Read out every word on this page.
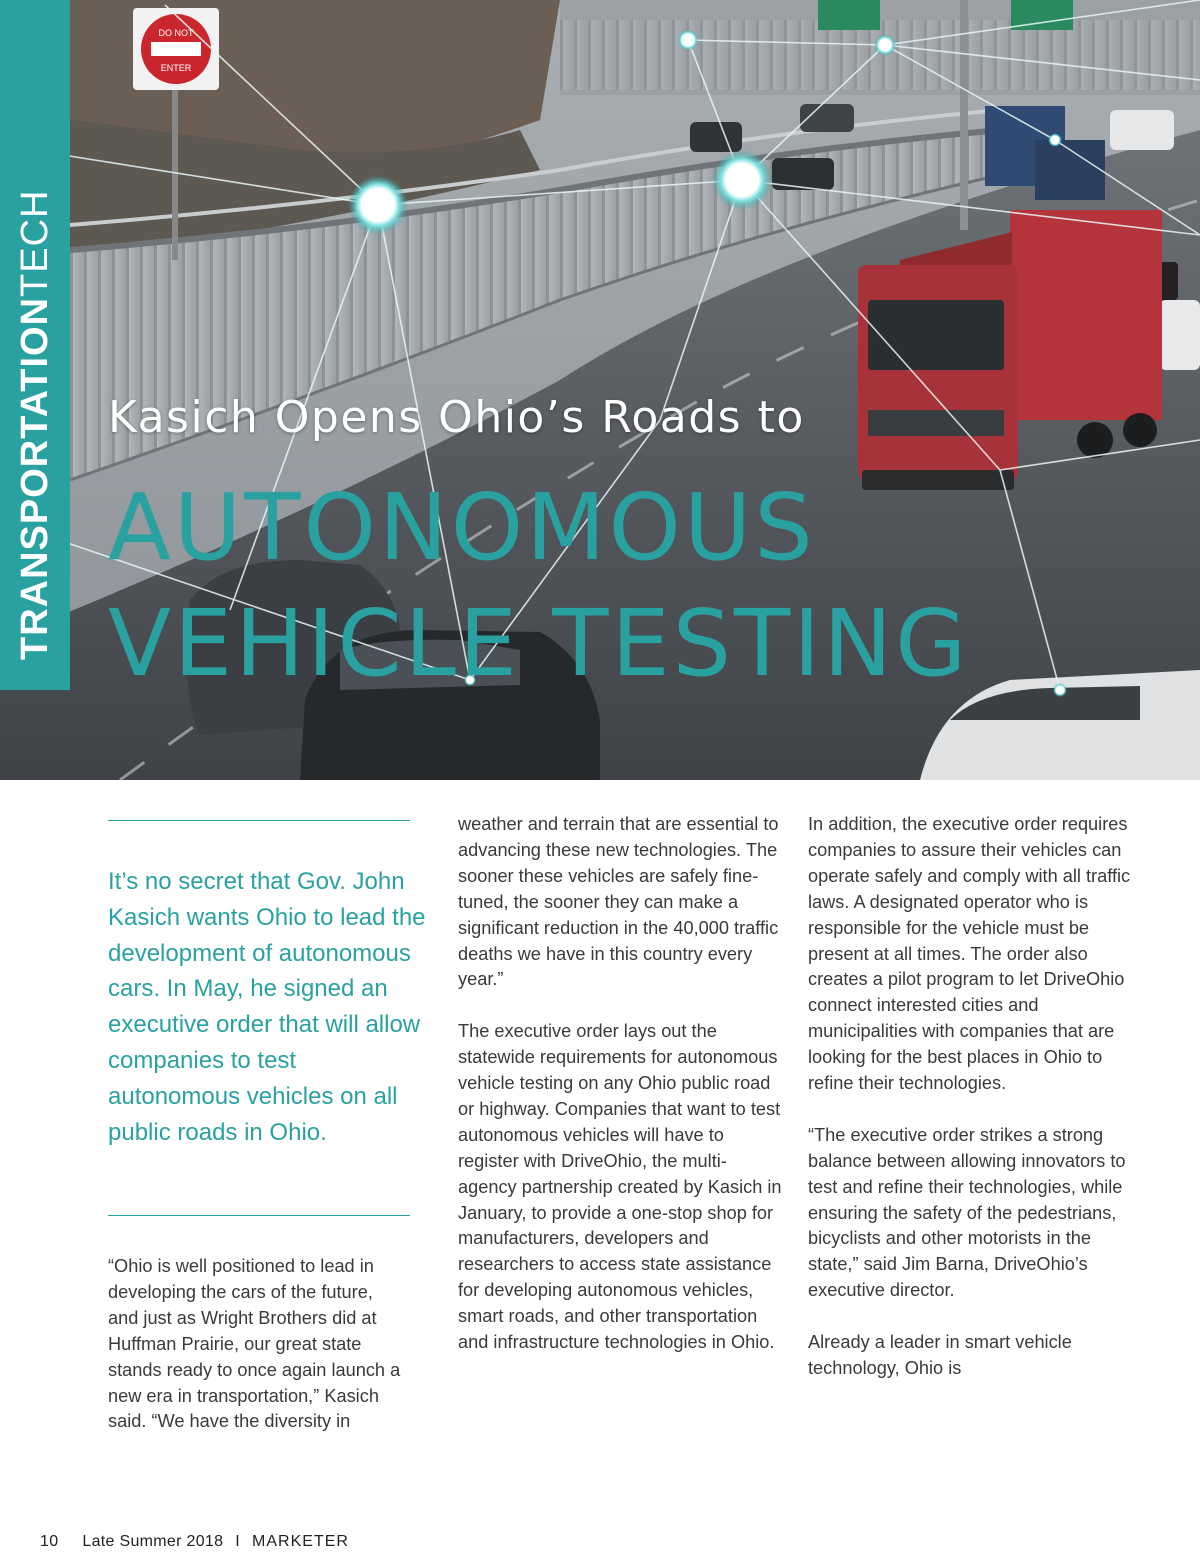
DO NOT
ENTER
Kasich Opens Ohio’s Roads to
AUTONOMOUS
VEHICLE TESTING
TRANSPORTATIONTECH
It’s no secret that Gov. John Kasich wants Ohio to lead the development of autonomous cars. In May, he signed an executive order that will allow companies to test autonomous vehicles on all public roads in Ohio.

“Ohio is well positioned to lead in developing the cars of the future, and just as Wright Brothers did at Huffman Prairie, our great state stands ready to once again launch a new era in transportation,” Kasich said. “We have the diversity in

weather and terrain that are essential to advancing these new technologies. The sooner these vehicles are safely fine-tuned, the sooner they can make a significant reduction in the 40,000 traffic deaths we have in this country every year.”

The executive order lays out the statewide requirements for autonomous vehicle testing on any Ohio public road or highway. Companies that want to test autonomous vehicles will have to register with DriveOhio, the multi-agency partnership created by Kasich in January, to provide a one-stop shop for manufacturers, developers and researchers to access state assistance for developing autonomous vehicles, smart roads, and other transportation and infrastructure technologies in Ohio.

In addition, the executive order requires companies to assure their vehicles can operate safely and comply with all traffic laws. A designated operator who is responsible for the vehicle must be present at all times. The order also creates a pilot program to let DriveOhio connect interested cities and municipalities with companies that are looking for the best places in Ohio to refine their technologies.

“The executive order strikes a strong balance between allowing innovators to test and refine their technologies, while ensuring the safety of the pedestrians, bicyclists and other motorists in the state,” said Jim Barna, DriveOhio’s executive director.

Already a leader in smart vehicle technology, Ohio is

10 Late Summer 2018 I MARKETER
